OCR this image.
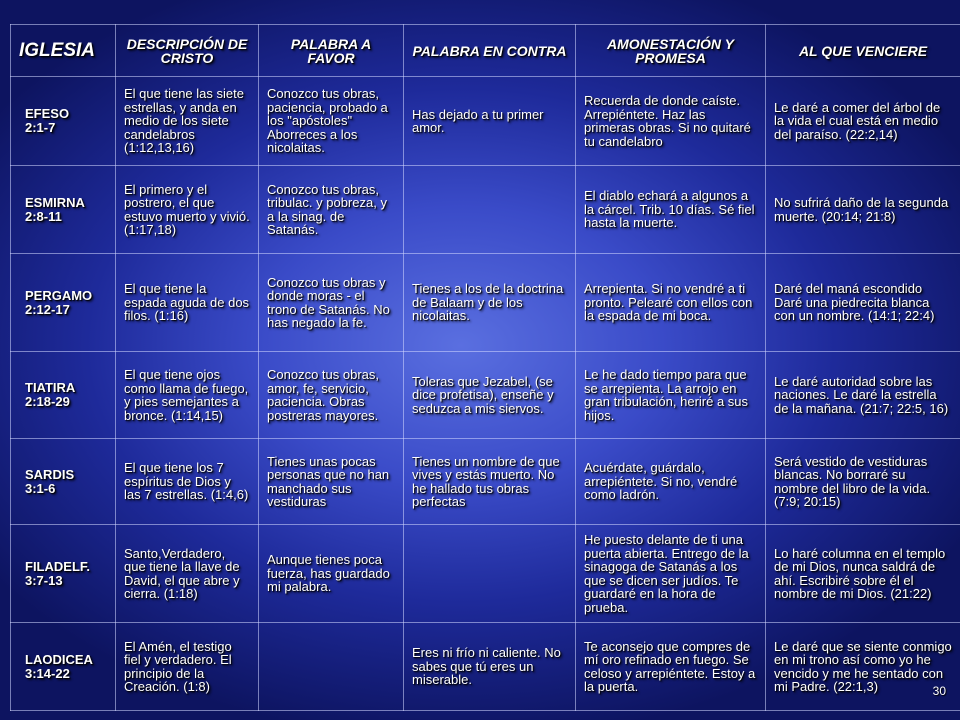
IGLESIA	DESCRIPCIÓN DE CRISTO	PALABRA A FAVOR	PALABRA EN CONTRA	AMONESTACIÓN Y PROMESA	AL QUE VENCIERE

EFESO
2:1-7	El que tiene las siete estrellas, y anda en medio de los siete candelabros (1:12,13,16)	Conozco tus obras, paciencia, probado a los "apóstoles" Aborreces a los nicolaitas.	Has dejado a tu primer amor.	Recuerda de donde caíste. Arrepiéntete. Haz las primeras obras. Si no quitaré tu candelabro	Le daré a comer del árbol de la vida el cual está en medio del paraíso. (22:2,14)

ESMIRNA
2:8-11	El primero y el postrero, el que estuvo muerto y vivió. (1:17,18)	Conozco tus obras, tribulac. y pobreza, y a la sinag. de Satanás.		El diablo echará a algunos a la cárcel. Trib. 10 días. Sé fiel hasta la muerte.	No sufrirá daño de la segunda muerte. (20:14; 21:8)

PERGAMO
2:12-17	El que tiene la espada aguda de dos filos. (1:16)	Conozco tus obras y donde moras - el trono de Satanás. No has negado la fe.	Tienes a los de la doctrina de Balaam y de los nicolaitas.	Arrepienta. Si no vendré a ti pronto. Pelearé con ellos con la espada de mi boca.	Daré del maná escondido Daré una piedrecita blanca con un nombre. (14:1; 22:4)

TIATIRA
2:18-29	El que tiene ojos como llama de fuego, y pies semejantes a bronce. (1:14,15)	Conozco tus obras, amor, fe, servicio, paciencia. Obras postreras mayores.	Toleras que Jezabel, (se dice profetisa), enseñe y seduzca a mis siervos.	Le he dado tiempo para que se arrepienta. La arrojo en gran tribulación, heriré a sus hijos.	Le daré autoridad sobre las naciones. Le daré la estrella de la mañana. (21:7; 22:5, 16)

SARDIS
3:1-6	El que tiene los 7 espíritus de Dios y las 7 estrellas. (1:4,6)	Tienes unas pocas personas que no han manchado sus vestiduras	Tienes un nombre de que vives y estás muerto. No he hallado tus obras perfectas	Acuérdate, guárdalo, arrepiéntete. Si no, vendré como ladrón.	Será vestido de vestiduras blancas. No borraré su nombre del libro de la vida. (7:9; 20:15)

FILADELF.
3:7-13	Santo,Verdadero, que tiene la llave de David, el que abre y cierra. (1:18)	Aunque tienes poca fuerza, has guardado mi palabra.		He puesto delante de ti una puerta abierta. Entrego de la sinagoga de Satanás a los que se dicen ser judíos. Te guardaré en la hora de prueba.	Lo haré columna en el templo de mi Dios, nunca saldrá de ahí. Escribiré sobre él el nombre de mi Dios. (21:22)

LAODICEA
3:14-22	El Amén, el testigo fiel y verdadero. El principio de la Creación. (1:8)		Eres ni frío ni caliente. No sabes que tú eres un miserable.	Te aconsejo que compres de mí oro refinado en fuego. Se celoso y arrepiéntete. Estoy a la puerta.	Le daré que se siente conmigo en mi trono así como yo he vencido y me he sentado con mi Padre. (22:1,3)	30
